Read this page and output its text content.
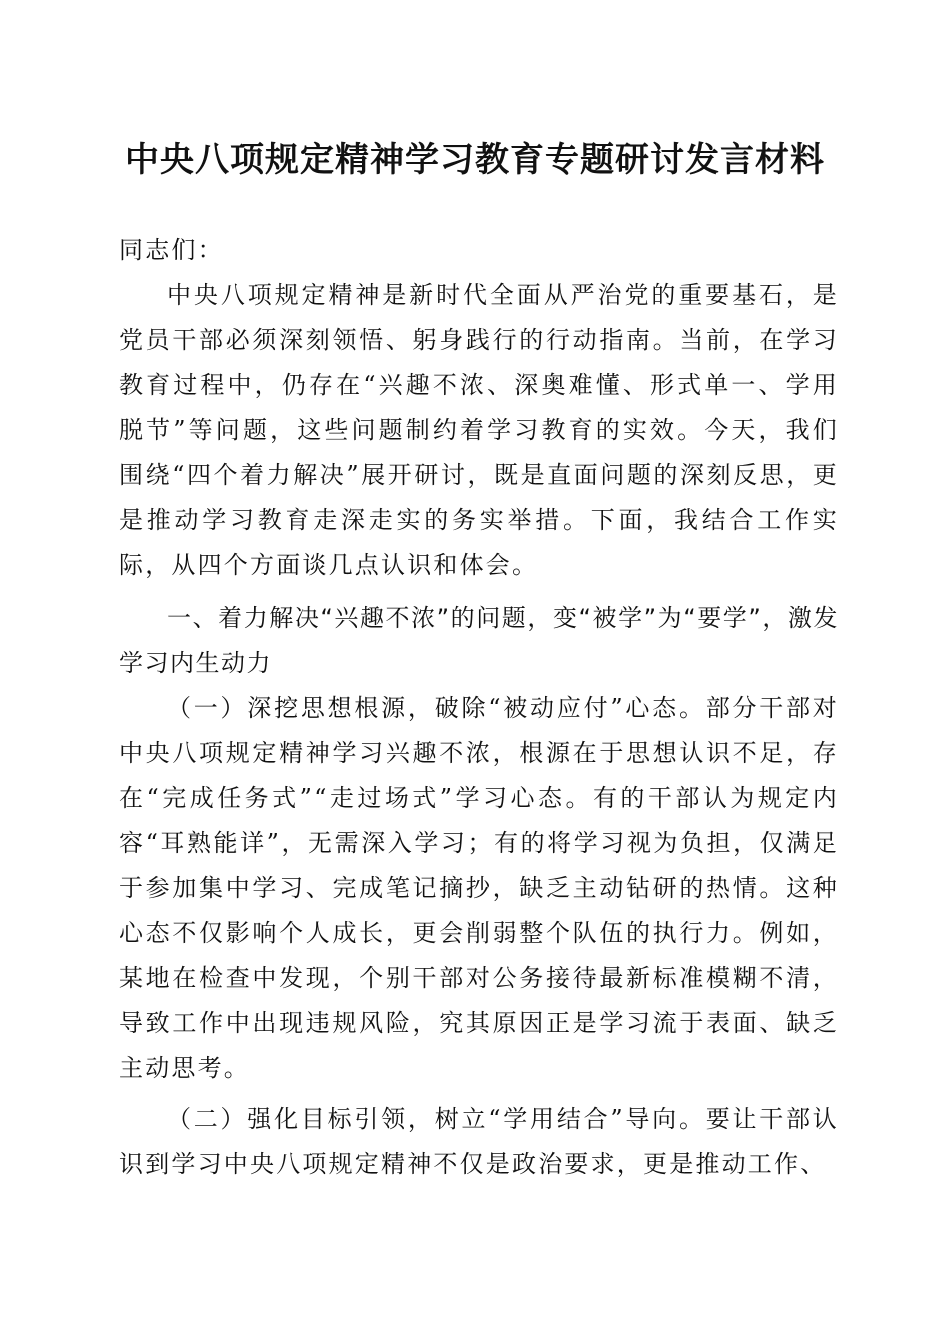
中央八项规定精神学习教育专题研讨发言材料

同志们：

中央八项规定精神是新时代全面从严治党的重要基石，是党员干部必须深刻领悟、躬身践行的行动指南。当前，在学习教育过程中，仍存在“兴趣不浓、深奥难懂、形式单一、学用脱节”等问题，这些问题制约着学习教育的实效。今天，我们围绕“四个着力解决”展开研讨，既是直面问题的深刻反思，更是推动学习教育走深走实的务实举措。下面，我结合工作实际，从四个方面谈几点认识和体会。

一、着力解决“兴趣不浓”的问题，变“被学”为“要学”，激发学习内生动力

（一）深挖思想根源，破除“被动应付”心态。部分干部对中央八项规定精神学习兴趣不浓，根源在于思想认识不足，存在“完成任务式”“走过场式”学习心态。有的干部认为规定内容“耳熟能详”，无需深入学习；有的将学习视为负担，仅满足于参加集中学习、完成笔记摘抄，缺乏主动钻研的热情。这种心态不仅影响个人成长，更会削弱整个队伍的执行力。例如，某地在检查中发现，个别干部对公务接待最新标准模糊不清，导致工作中出现违规风险，究其原因正是学习流于表面、缺乏主动思考。

（二）强化目标引领，树立“学用结合”导向。要让干部认识到学习中央八项规定精神不仅是政治要求，更是推动工作、
